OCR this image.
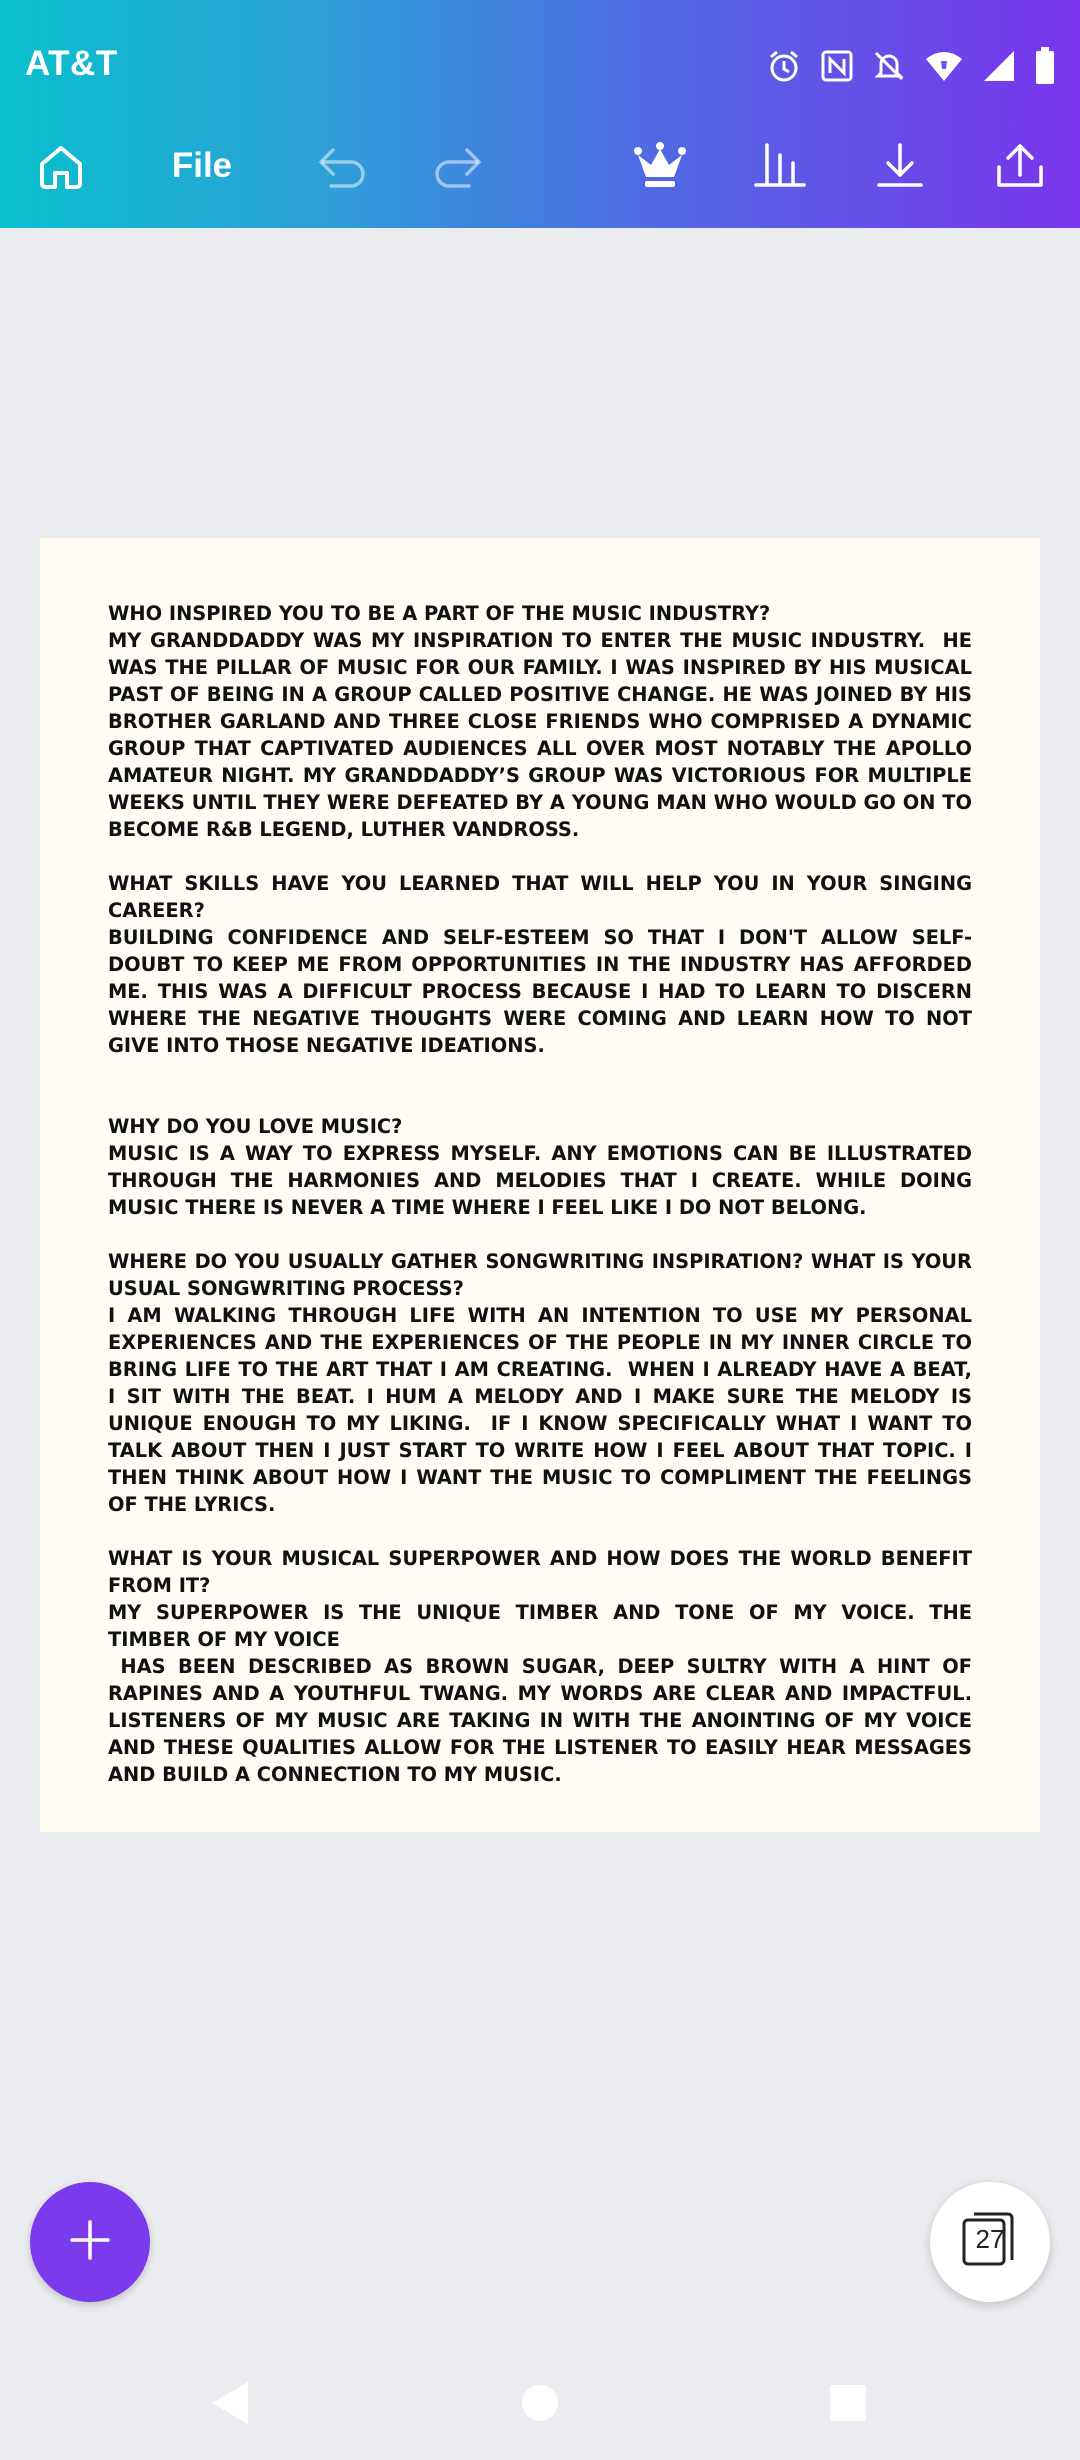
AT&T
File

WHO INSPIRED YOU TO BE A PART OF THE MUSIC INDUSTRY?

MY GRANDDADDY WAS MY INSPIRATION TO ENTER THE MUSIC INDUSTRY.  HE WAS THE PILLAR OF MUSIC FOR OUR FAMILY. I WAS INSPIRED BY HIS MUSICAL PAST OF BEING IN A GROUP CALLED POSITIVE CHANGE. HE WAS JOINED BY HIS BROTHER GARLAND AND THREE CLOSE FRIENDS WHO COMPRISED A DYNAMIC GROUP THAT CAPTIVATED AUDIENCES ALL OVER MOST NOTABLY THE APOLLO AMATEUR NIGHT. MY GRANDDADDY’S GROUP WAS VICTORIOUS FOR MULTIPLE WEEKS UNTIL THEY WERE DEFEATED BY A YOUNG MAN WHO WOULD GO ON TO BECOME R&B LEGEND, LUTHER VANDROSS.

WHAT SKILLS HAVE YOU LEARNED THAT WILL HELP YOU IN YOUR SINGING CAREER?

BUILDING CONFIDENCE AND SELF-ESTEEM SO THAT I DON'T ALLOW SELF-DOUBT TO KEEP ME FROM OPPORTUNITIES IN THE INDUSTRY HAS AFFORDED ME. THIS WAS A DIFFICULT PROCESS BECAUSE I HAD TO LEARN TO DISCERN WHERE THE NEGATIVE THOUGHTS WERE COMING AND LEARN HOW TO NOT GIVE INTO THOSE NEGATIVE IDEATIONS.

WHY DO YOU LOVE MUSIC?

MUSIC IS A WAY TO EXPRESS MYSELF. ANY EMOTIONS CAN BE ILLUSTRATED THROUGH THE HARMONIES AND MELODIES THAT I CREATE. WHILE DOING MUSIC THERE IS NEVER A TIME WHERE I FEEL LIKE I DO NOT BELONG.

WHERE DO YOU USUALLY GATHER SONGWRITING INSPIRATION? WHAT IS YOUR USUAL SONGWRITING PROCESS?

I AM WALKING THROUGH LIFE WITH AN INTENTION TO USE MY PERSONAL EXPERIENCES AND THE EXPERIENCES OF THE PEOPLE IN MY INNER CIRCLE TO BRING LIFE TO THE ART THAT I AM CREATING.  WHEN I ALREADY HAVE A BEAT, I SIT WITH THE BEAT. I HUM A MELODY AND I MAKE SURE THE MELODY IS UNIQUE ENOUGH TO MY LIKING.  IF I KNOW SPECIFICALLY WHAT I WANT TO TALK ABOUT THEN I JUST START TO WRITE HOW I FEEL ABOUT THAT TOPIC. I THEN THINK ABOUT HOW I WANT THE MUSIC TO COMPLIMENT THE FEELINGS OF THE LYRICS.

WHAT IS YOUR MUSICAL SUPERPOWER AND HOW DOES THE WORLD BENEFIT FROM IT?

MY SUPERPOWER IS THE UNIQUE TIMBER AND TONE OF MY VOICE. THE TIMBER OF MY VOICE

HAS BEEN DESCRIBED AS BROWN SUGAR, DEEP SULTRY WITH A HINT OF RAPINES AND A YOUTHFUL TWANG. MY WORDS ARE CLEAR AND IMPACTFUL. LISTENERS OF MY MUSIC ARE TAKING IN WITH THE ANOINTING OF MY VOICE AND THESE QUALITIES ALLOW FOR THE LISTENER TO EASILY HEAR MESSAGES AND BUILD A CONNECTION TO MY MUSIC.

27
